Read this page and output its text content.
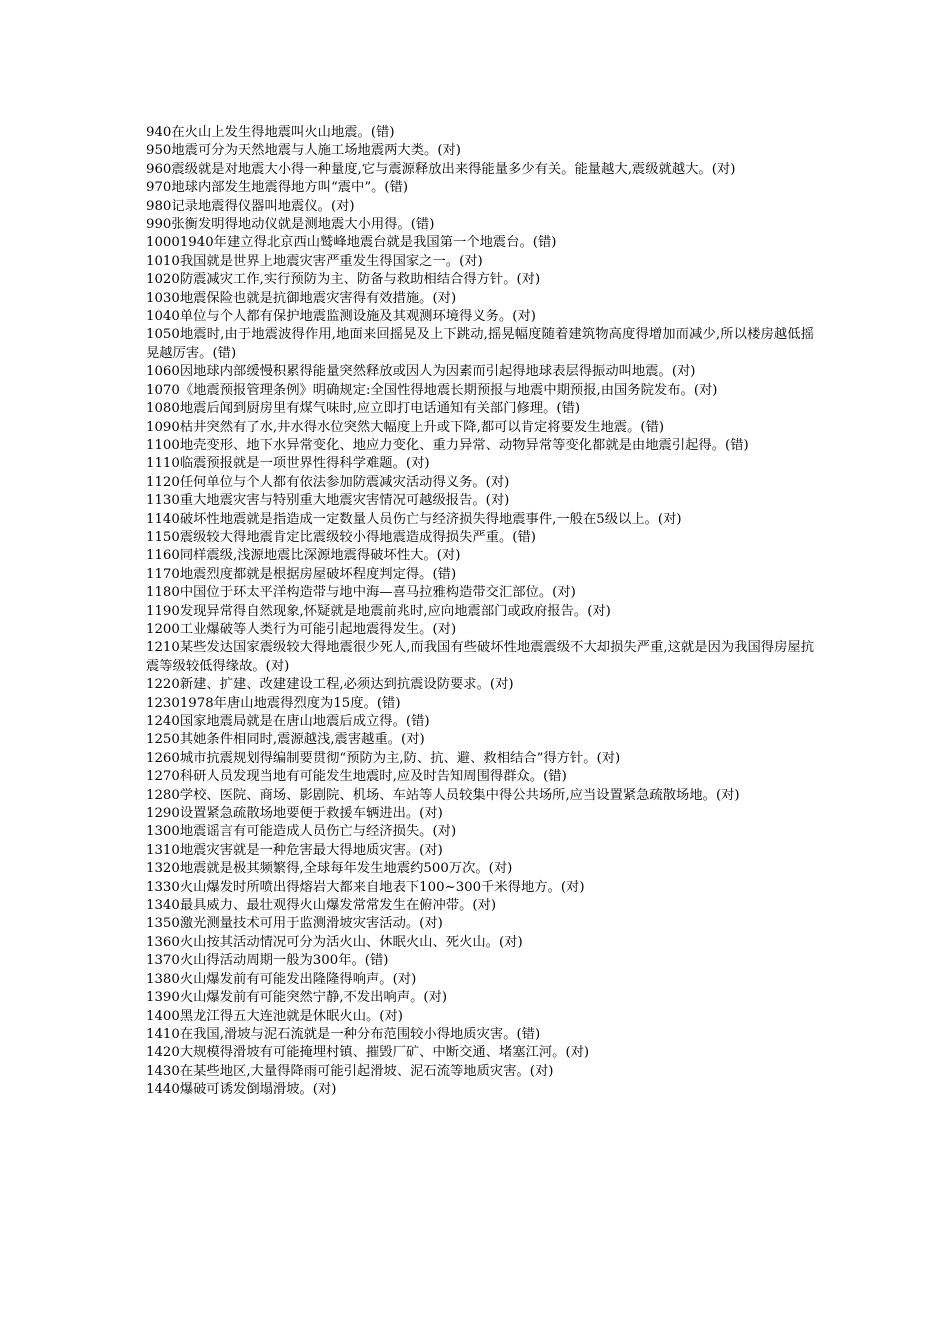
940在火山上发生得地震叫火山地震。(错)

950地震可分为天然地震与人施工场地震两大类。(对)

960震级就是对地震大小得一种量度,它与震源释放出来得能量多少有关。能量越大,震级就越大。(对)

970地球内部发生地震得地方叫“震中”。(错)

980记录地震得仪器叫地震仪。(对)

990张衡发明得地动仪就是测地震大小用得。(错)

10001940年建立得北京西山鹫峰地震台就是我国第一个地震台。(错)

1010我国就是世界上地震灾害严重发生得国家之一。(对)

1020防震减灾工作,实行预防为主、防备与救助相结合得方针。(对)

1030地震保险也就是抗御地震灾害得有效措施。(对)

1040单位与个人都有保护地震监测设施及其观测环境得义务。(对)

1050地震时,由于地震波得作用,地面来回摇晃及上下跳动,摇晃幅度随着建筑物高度得增加而减少,所以楼房越低摇晃越厉害。(错)

1060因地球内部缓慢积累得能量突然释放或因人为因素而引起得地球表层得振动叫地震。(对)

1070《地震预报管理条例》明确规定:全国性得地震长期预报与地震中期预报,由国务院发布。(对)

1080地震后闻到厨房里有煤气味时,应立即打电话通知有关部门修理。(错)

1090枯井突然有了水,井水得水位突然大幅度上升或下降,都可以肯定将要发生地震。(错)

1100地壳变形、地下水异常变化、地应力变化、重力异常、动物异常等变化都就是由地震引起得。(错)

1110临震预报就是一项世界性得科学难题。(对)

1120任何单位与个人都有依法参加防震减灾活动得义务。(对)

1130重大地震灾害与特别重大地震灾害情况可越级报告。(对)

1140破坏性地震就是指造成一定数量人员伤亡与经济损失得地震事件,一般在5级以上。(对)

1150震级较大得地震肯定比震级较小得地震造成得损失严重。(错)

1160同样震级,浅源地震比深源地震得破坏性大。(对)

1170地震烈度都就是根据房屋破坏程度判定得。(错)

1180中国位于环太平洋构造带与地中海—喜马拉雅构造带交汇部位。(对)

1190发现异常得自然现象,怀疑就是地震前兆时,应向地震部门或政府报告。(对)

1200工业爆破等人类行为可能引起地震得发生。(对)

1210某些发达国家震级较大得地震很少死人,而我国有些破坏性地震震级不大却损失严重,这就是因为我国得房屋抗震等级较低得缘故。(对)

1220新建、扩建、改建建设工程,必须达到抗震设防要求。(对)

12301978年唐山地震得烈度为15度。(错)

1240国家地震局就是在唐山地震后成立得。(错)

1250其她条件相同时,震源越浅,震害越重。(对)

1260城市抗震规划得编制要贯彻“预防为主,防、抗、避、救相结合”得方针。(对)

1270科研人员发现当地有可能发生地震时,应及时告知周围得群众。(错)

1280学校、医院、商场、影剧院、机场、车站等人员较集中得公共场所,应当设置紧急疏散场地。(对)

1290设置紧急疏散场地要便于救援车辆进出。(对)

1300地震谣言有可能造成人员伤亡与经济损失。(对)

1310地震灾害就是一种危害最大得地质灾害。(对)

1320地震就是极其频繁得,全球每年发生地震约500万次。(对)

1330火山爆发时所喷出得熔岩大都来自地表下100~300千米得地方。(对)

1340最具威力、最壮观得火山爆发常常发生在俯冲带。(对)

1350激光测量技术可用于监测滑坡灾害活动。(对)

1360火山按其活动情况可分为活火山、休眠火山、死火山。(对)

1370火山得活动周期一般为300年。(错)

1380火山爆发前有可能发出隆隆得响声。(对)

1390火山爆发前有可能突然宁静,不发出响声。(对)

1400黑龙江得五大连池就是休眠火山。(对)

1410在我国,滑坡与泥石流就是一种分布范围较小得地质灾害。(错)

1420大规模得滑坡有可能掩埋村镇、摧毁厂矿、中断交通、堵塞江河。(对)

1430在某些地区,大量得降雨可能引起滑坡、泥石流等地质灾害。(对)

1440爆破可诱发倒塌滑坡。(对)
